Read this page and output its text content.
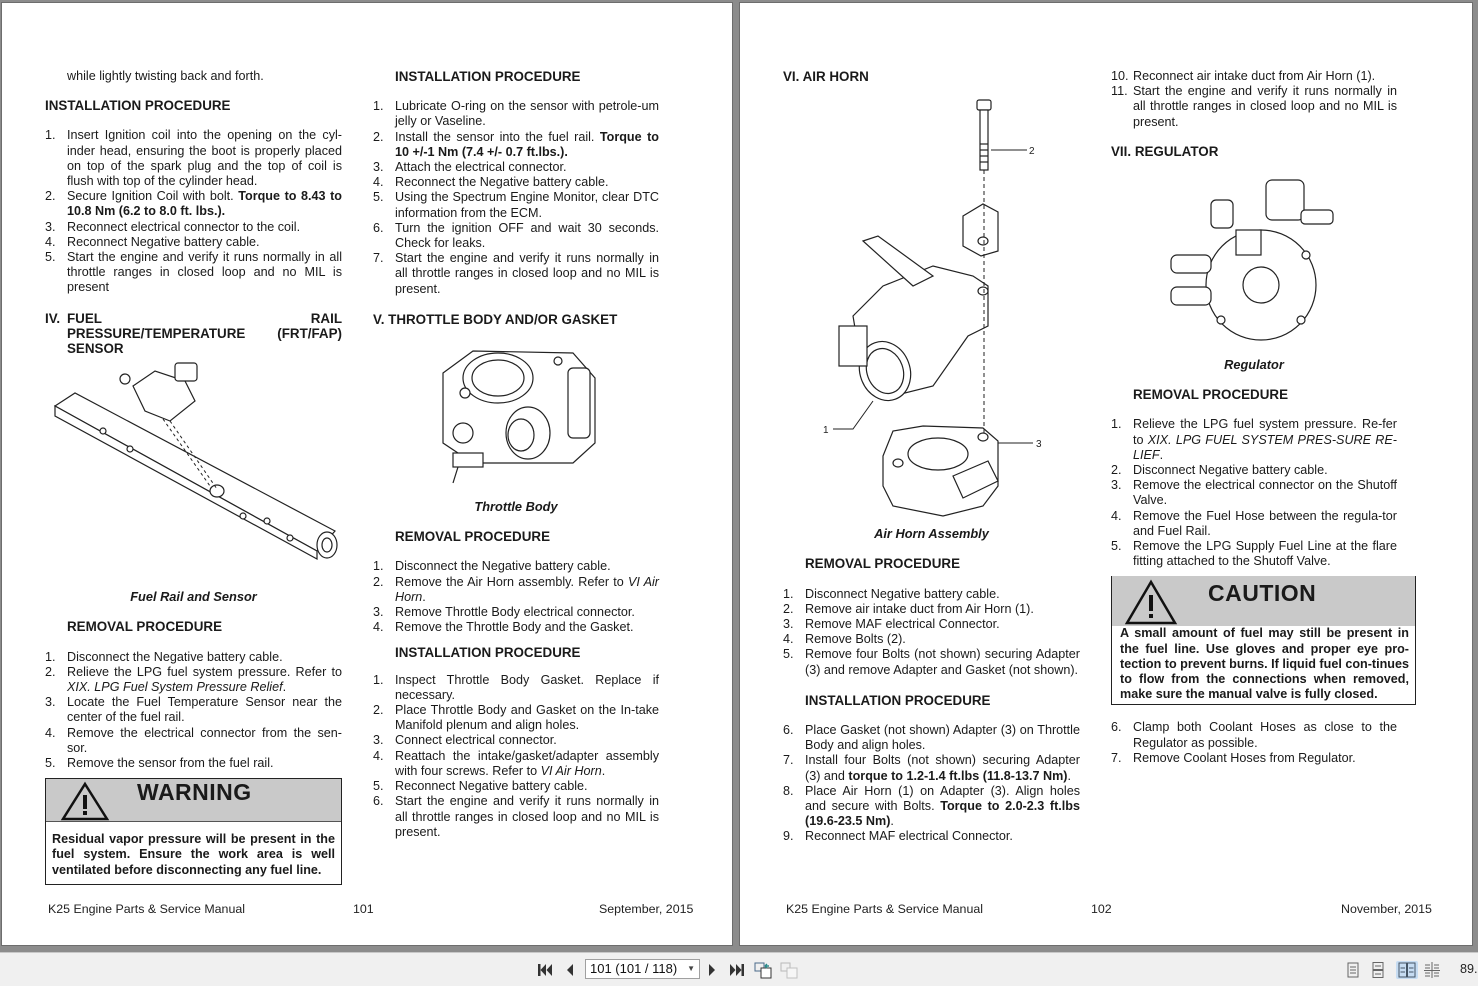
while lightly twisting back and forth.
INSTALLATION PROCEDURE
1. Insert Ignition coil into the opening on the cyl-inder head, ensuring the boot is properly placed on top of the spark plug and the top of coil is flush with top of the cylinder head.
2. Secure Ignition Coil with bolt. Torque to 8.43 to 10.8 Nm (6.2 to 8.0 ft. lbs.).
3. Reconnect electrical connector to the coil.
4. Reconnect Negative battery cable.
5. Start the engine and verify it runs normally in all throttle ranges in closed loop and no MIL is present
IV. FUEL RAIL PRESSURE/TEMPERATURE (FRT/FAP) SENSOR
Fuel Rail and Sensor
REMOVAL PROCEDURE
1. Disconnect the Negative battery cable.
2. Relieve the LPG fuel system pressure. Refer to XIX. LPG Fuel System Pressure Relief.
3. Locate the Fuel Temperature Sensor near the center of the fuel rail.
4. Remove the electrical connector from the sen-sor.
5. Remove the sensor from the fuel rail.
WARNING
Residual vapor pressure will be present in the fuel system. Ensure the work area is well ventilated before disconnecting any fuel line.
INSTALLATION PROCEDURE
1. Lubricate O-ring on the sensor with petrole-um jelly or Vaseline.
2. Install the sensor into the fuel rail. Torque to 10 +/-1 Nm (7.4 +/- 0.7 ft.lbs.).
3. Attach the electrical connector.
4. Reconnect the Negative battery cable.
5. Using the Spectrum Engine Monitor, clear DTC information from the ECM.
6. Turn the ignition OFF and wait 30 seconds. Check for leaks.
7. Start the engine and verify it runs normally in all throttle ranges in closed loop and no MIL is present.
V. THROTTLE BODY AND/OR GASKET
Throttle Body
REMOVAL PROCEDURE
1. Disconnect the Negative battery cable.
2. Remove the Air Horn assembly. Refer to VI Air Horn.
3. Remove Throttle Body electrical connector.
4. Remove the Throttle Body and the Gasket.
INSTALLATION PROCEDURE
1. Inspect Throttle Body Gasket. Replace if necessary.
2. Place Throttle Body and Gasket on the In-take Manifold plenum and align holes.
3. Connect electrical connector.
4. Reattach the intake/gasket/adapter assembly with four screws. Refer to VI Air Horn.
5. Reconnect Negative battery cable.
6. Start the engine and verify it runs normally in all throttle ranges in closed loop and no MIL is present.
K25 Engine Parts & Service Manual	101	September, 2015
VI. AIR HORN
2
3
1
Air Horn Assembly
REMOVAL PROCEDURE
1. Disconnect Negative battery cable.
2. Remove air intake duct from Air Horn (1).
3. Remove MAF electrical Connector.
4. Remove Bolts (2).
5. Remove four Bolts (not shown) securing Adapter (3) and remove Adapter and Gasket (not shown).
INSTALLATION PROCEDURE
6. Place Gasket (not shown) Adapter (3) on Throttle Body and align holes.
7. Install four Bolts (not shown) securing Adapter (3) and torque to 1.2-1.4 ft.lbs (11.8-13.7 Nm).
8. Place Air Horn (1) on Adapter (3). Align holes and secure with Bolts. Torque to 2.0-2.3 ft.lbs (19.6-23.5 Nm).
9. Reconnect MAF electrical Connector.
10. Reconnect air intake duct from Air Horn (1).
11. Start the engine and verify it runs normally in all throttle ranges in closed loop and no MIL is present.
VII. REGULATOR
Regulator
REMOVAL PROCEDURE
1. Relieve the LPG fuel system pressure. Re-fer to XIX. LPG FUEL SYSTEM PRES-SURE RE-LIEF.
2. Disconnect Negative battery cable.
3. Remove the electrical connector on the Shutoff Valve.
4. Remove the Fuel Hose between the regula-tor and Fuel Rail.
5. Remove the LPG Supply Fuel Line at the flare fitting attached to the Shutoff Valve.
CAUTION
A small amount of fuel may still be present in the fuel line. Use gloves and proper eye pro-tection to prevent burns. If liquid fuel con-tinues to flow from the connections when removed, make sure the manual valve is fully closed.
6. Clamp both Coolant Hoses as close to the Regulator as possible.
7. Remove Coolant Hoses from Regulator.
K25 Engine Parts & Service Manual	102	November, 2015
101 (101 / 118) ▼	89.
